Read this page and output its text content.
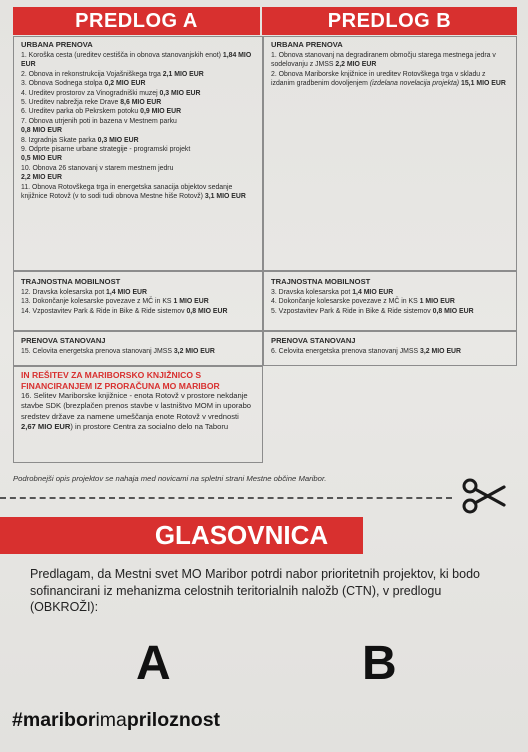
PREDLOG A	PREDLOG B
URBANA PRENOVA
1. Koroška cesta (ureditev cestišča in obnova stanovanjskih enot) 1,84 MIO EUR
2. Obnova in rekonstrukcija Vojašniškega trga 2,1 MIO EUR
3. Obnova Sodnega stolpa 0,2 MIO EUR
4. Ureditev prostorov za Vinogradniški muzej 0,3 MIO EUR
5. Ureditev nabrežja reke Drave 8,6 MIO EUR
6. Ureditev parka ob Pekrskem potoku 0,9 MIO EUR
7. Obnova utrjenih poti in bazena v Mestnem parku
0,8 MIO EUR
8. Izgradnja Skate parka 0,3 MIO EUR
9. Odprte pisarne urbane strategije - programski projekt
0,5 MIO EUR
10. Obnova 26 stanovanj v starem mestnem jedru
2,2 MIO EUR
11. Obnova Rotovškega trga in energetska sanacija objektov sedanje knjižnice Rotovž (v to sodi tudi obnova Mestne hiše Rotovž) 3,1 MIO EUR
URBANA PRENOVA
1. Obnova stanovanj na degradiranem območju starega mestnega jedra v sodelovanju z JMSS 2,2 MIO EUR
2. Obnova Mariborske knjižnice in ureditev Rotovškega trga v skladu z izdanim gradbenim dovoljenjem (izdelana novelacija projekta) 15,1 MIO EUR
TRAJNOSTNA MOBILNOST
12. Dravska kolesarska pot 1,4 MIO EUR
13. Dokončanje kolesarske povezave z MČ in KS 1 MIO EUR
14. Vzpostavitev Park & Ride in Bike & Ride sistemov 0,8 MIO EUR
TRAJNOSTNA MOBILNOST
3. Dravska kolesarska pot 1,4 MIO EUR
4. Dokončanje kolesarske povezave z MČ in KS 1 MIO EUR
5. Vzpostavitev Park & Ride in Bike & Ride sistemov 0,8 MIO EUR
PRENOVA STANOVANJ
15. Celovita energetska prenova stanovanj JMSS 3,2 MIO EUR
PRENOVA STANOVANJ
6. Celovita energetska prenova stanovanj JMSS 3,2 MIO EUR
IN REŠITEV ZA MARIBORSKO KNJIŽNICO S FINANCIRANJEM IZ PRORAČUNA MO MARIBOR
16. Selitev Mariborske knjižnice - enota Rotovž v prostore nekdanje stavbe SDK (brezplačen prenos stavbe v lastništvo MOM in uporabo sredstev države za namene umeščanja enote Rotovž v vrednosti 2,67 MIO EUR) in prostore Centra za socialno delo na Taboru
Podrobnejši opis projektov se nahaja med novicami na spletni strani Mestne občine Maribor.
GLASOVNICA
Predlagam, da Mestni svet MO Maribor potrdi nabor prioritetnih projektov, ki bodo sofinancirani iz mehanizma celostnih teritorialnih naložb (CTN), v predlogu (OBKROŽI):
A	B
#mariborimapriloznost
